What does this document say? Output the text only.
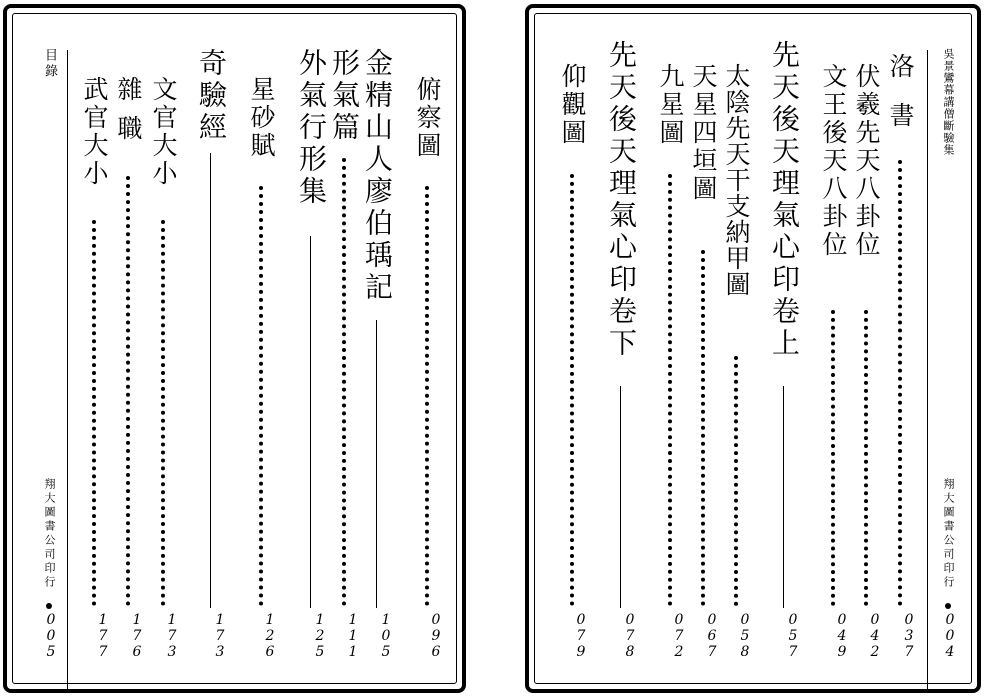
目錄
翔大圖書公司印行
005
俯察圖
096
金精山人廖伯瑀記
105
形氣篇
111
外氣行形集
125
星砂賦
126
奇驗經
173
文官大小
173
雜職
176
武官大小
177
吳景鸞幕講僧斷驗集
翔大圖書公司印行
004
洛書
037
伏羲先天八卦位
042
文王後天八卦位
049
先天後天理氣心印卷上
057
太陰先天干支納甲圖
058
天星四垣圖
067
九星圖
072
先天後天理氣心印卷下
078
仰觀圖
079
